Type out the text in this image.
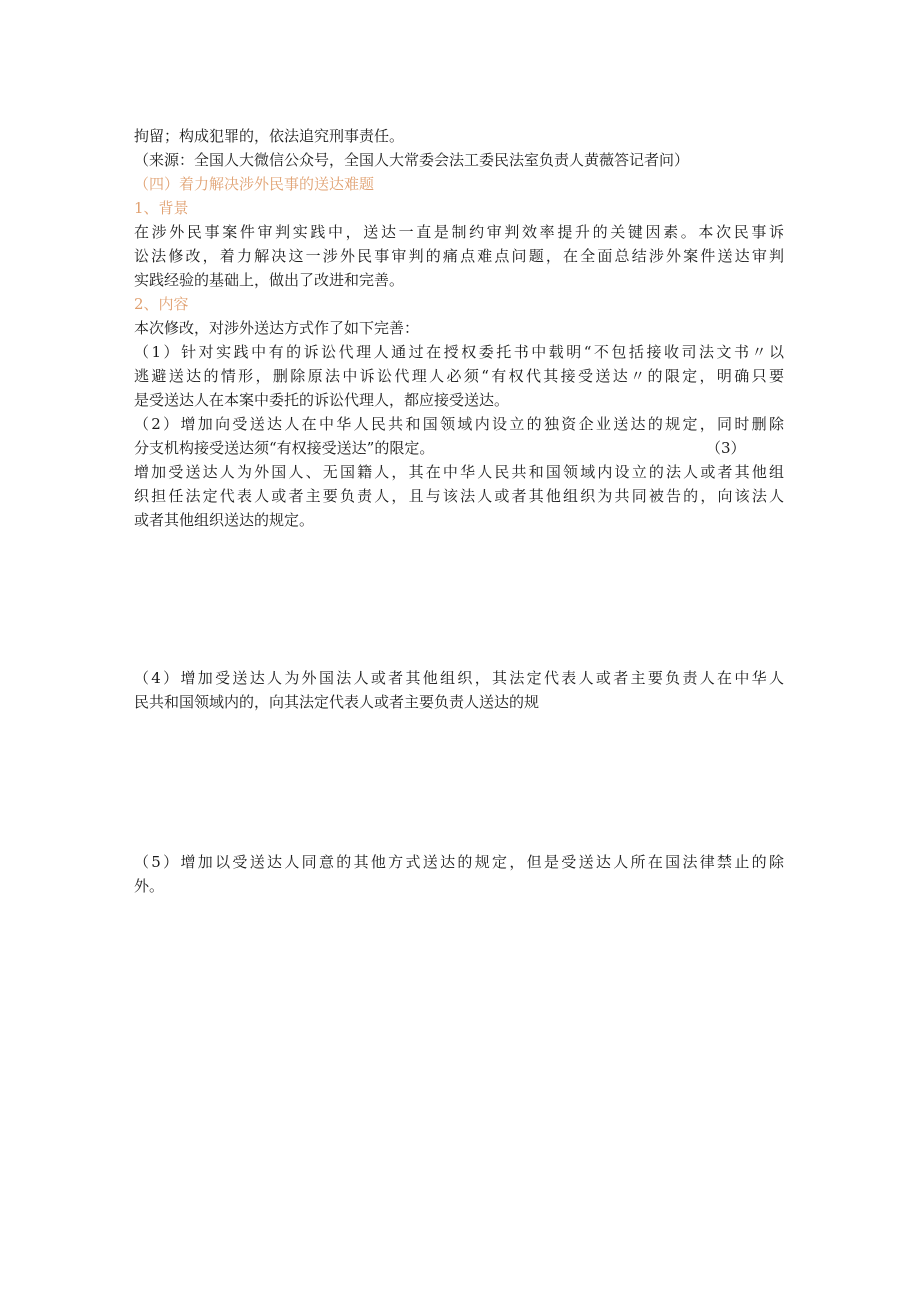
拘留；构成犯罪的，依法追究刑事责任。
（来源：全国人大微信公众号，全国人大常委会法工委民法室负责人黄薇答记者问）
（四）着力解决涉外民事的送达难题
1、背景
在涉外民事案件审判实践中，送达一直是制约审判效率提升的关键因素。本次民事诉
讼法修改，着力解决这一涉外民事审判的痛点难点问题，在全面总结涉外案件送达审判
实践经验的基础上，做出了改进和完善。
2、内容
本次修改，对涉外送达方式作了如下完善：
（1）针对实践中有的诉讼代理人通过在授权委托书中载明“不包括接收司法文书〃以
逃避送达的情形，删除原法中诉讼代理人必须“有权代其接受送达〃的限定，明确只要
是受送达人在本案中委托的诉讼代理人，都应接受送达。
（2）增加向受送达人在中华人民共和国领域内设立的独资企业送达的规定，同时删除
分支机构接受送达须“有权接受送达”的限定。	（3）
增加受送达人为外国人、无国籍人，其在中华人民共和国领域内设立的法人或者其他组
织担任法定代表人或者主要负责人，且与该法人或者其他组织为共同被告的，向该法人
或者其他组织送达的规定。
（4）增加受送达人为外国法人或者其他组织，其法定代表人或者主要负责人在中华人
民共和国领域内的，向其法定代表人或者主要负责人送达的规
（5）增加以受送达人同意的其他方式送达的规定，但是受送达人所在国法律禁止的除
外。
